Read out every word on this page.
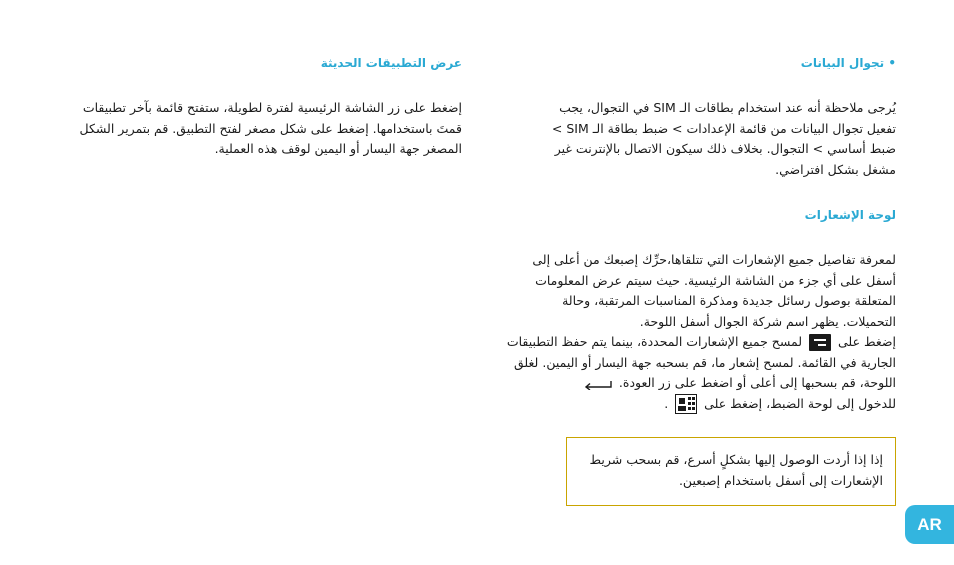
• تجوال البيانات

يُرجى ملاحظة أنه عند استخدام بطاقات الـ SIM في التجوال، يجب
تفعيل تجوال البيانات من قائمة الإعدادات > ضبط بطاقة الـ SIM >
ضبط أساسي > التجوال. بخلاف ذلك سيكون الاتصال بالإنترنت غير
مشغل بشكل افتراضي.

لوحة الإشعارات

لمعرفة تفاصيل جميع الإشعارات التي تتلقاها،حرِّك إصبعك من أعلى إلى
أسفل على أي جزء من الشاشة الرئيسية. حيث سيتم عرض المعلومات
المتعلقة بوصول رسائل جديدة ومذكرة المناسبات المرتقبة، وحالة
التحميلات. يظهر اسم شركة الجوال أسفل اللوحة.
إضغط على  لمسح جميع الإشعارات المحددة، بينما يتم حفظ التطبيقات
الجارية في القائمة. لمسح إشعار ما، قم بسحبه جهة اليسار أو اليمين. لغلق
اللوحة، قم بسحبها إلى أعلى أو اضغط على زر العودة.
للدخول إلى لوحة الضبط، إضغط على  .

عرض التطبيقات الحديثة

إضغط على زر الشاشة الرئيسية لفترة لطويلة، ستفتح قائمة بآخر تطبيقات
قمتَ باستخدامها. إضغط على شكل مصغر لفتح التطبيق. قم بتمرير الشكل
المصغر جهة اليسار أو اليمين لوقف هذه العملية.

إذا إذا أردت الوصول إليها بشكلٍ أسرع، قم بسحب شريط
الإشعارات إلى أسفل باستخدام إصبعين.
AR
